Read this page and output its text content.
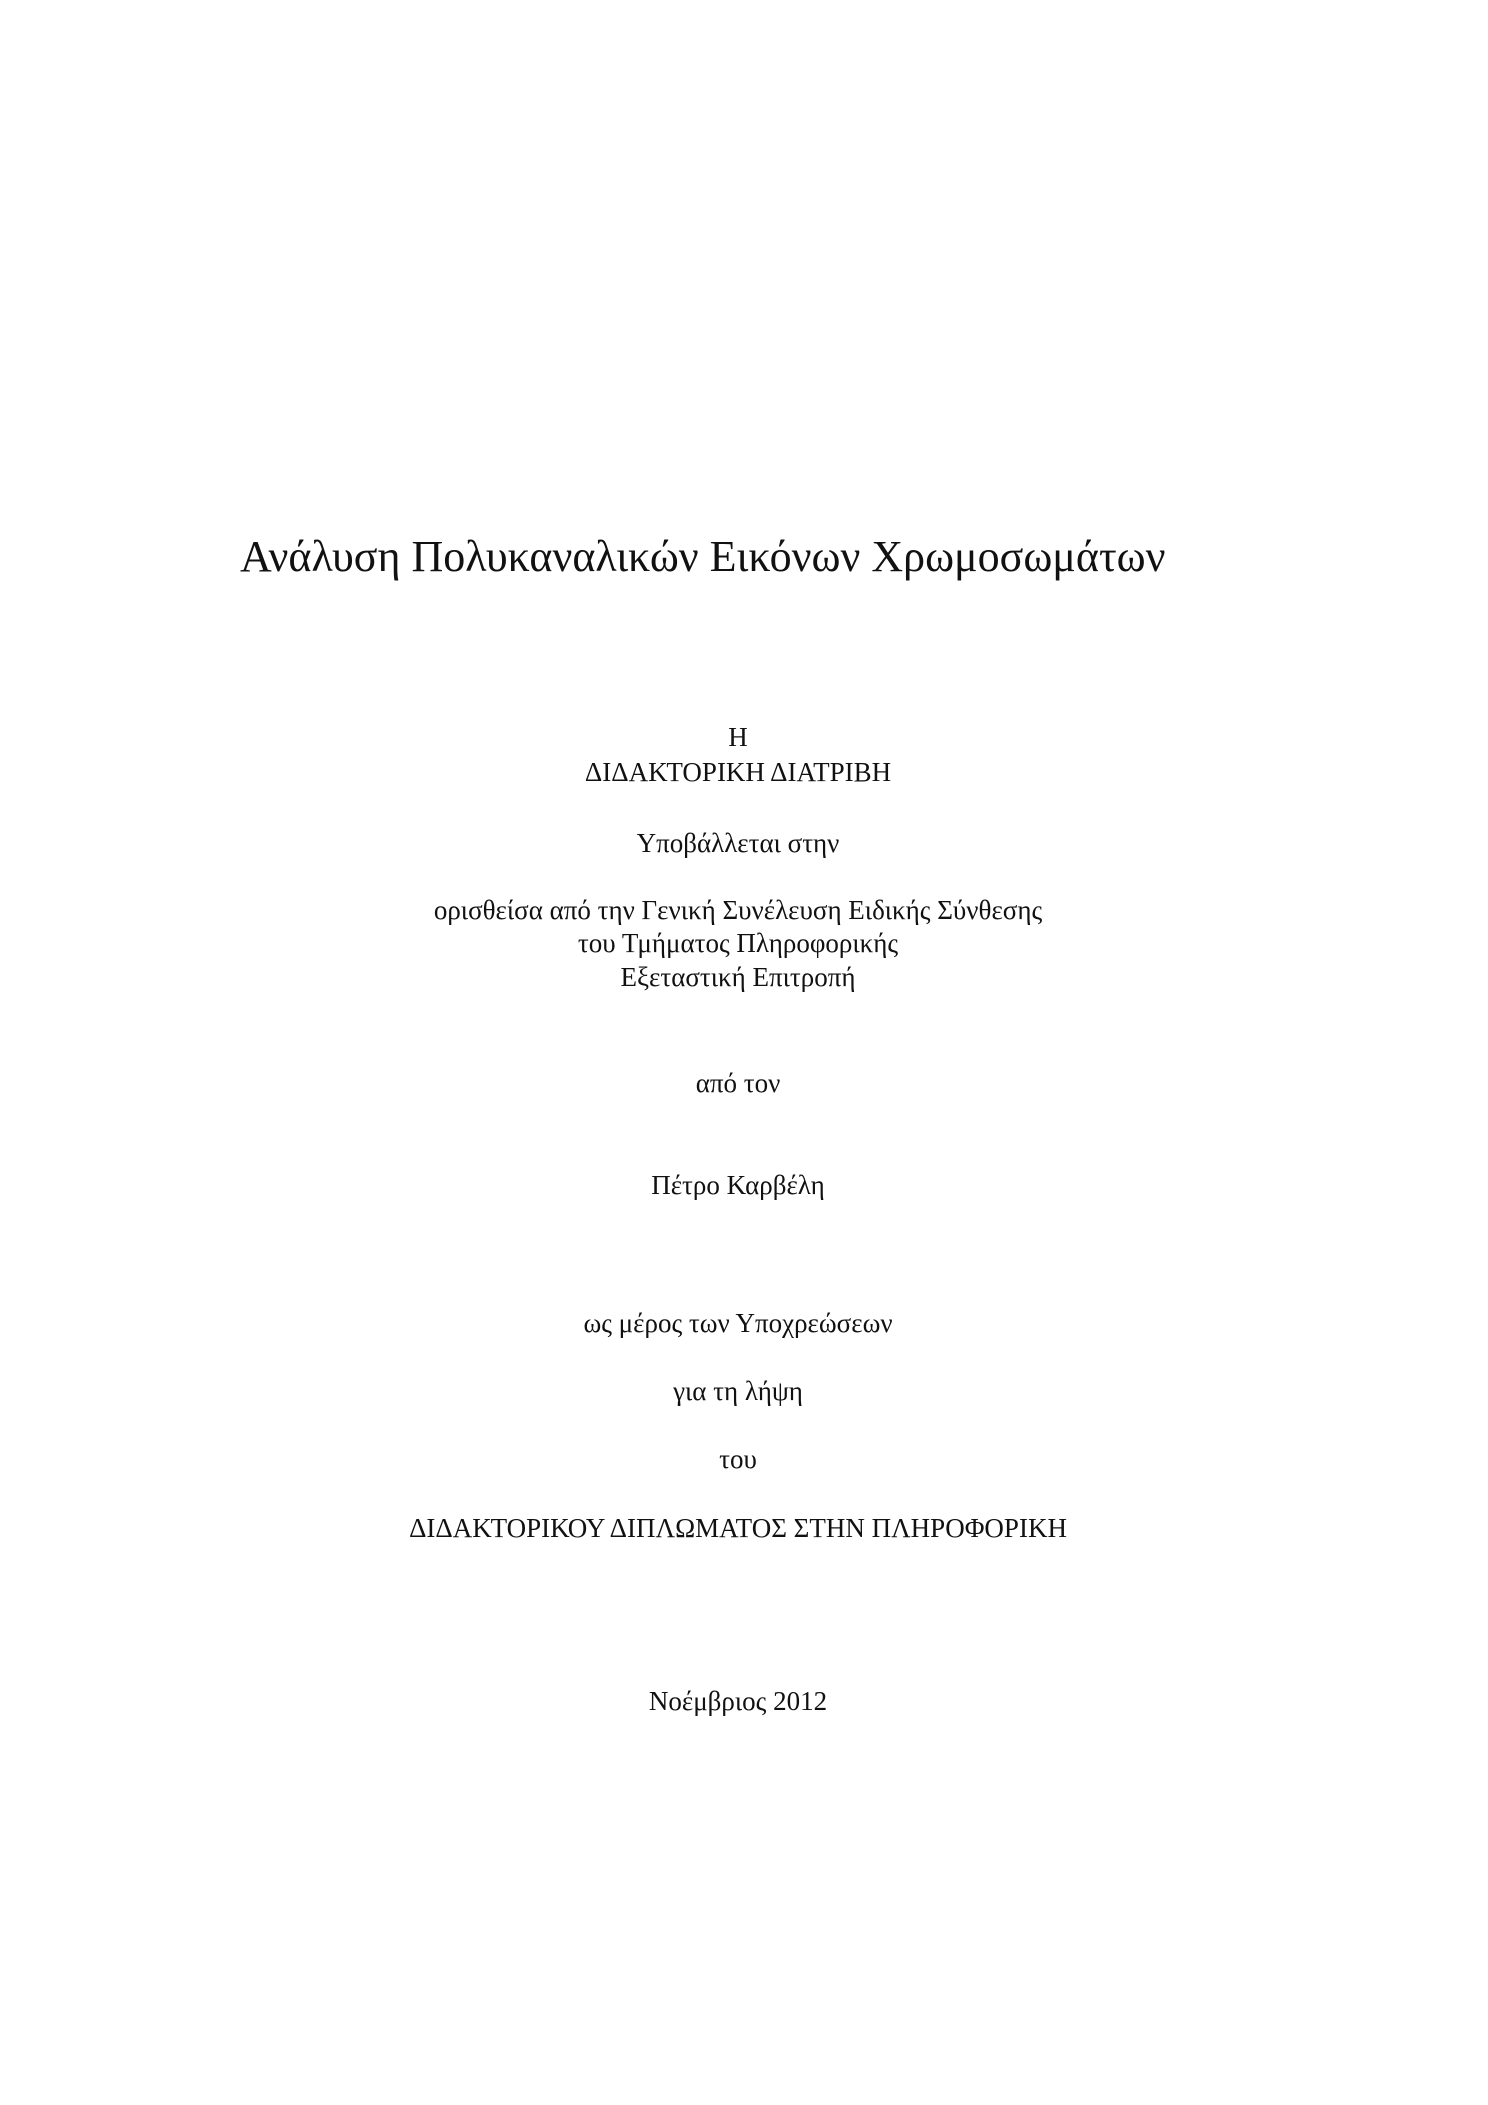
Ανάλυση Πολυκαναλικών Εικόνων Χρωμοσωμάτων
Η
ΔΙΔΑΚΤΟΡΙΚΗ ΔΙΑΤΡΙΒΗ
Υποβάλλεται στην
ορισθείσα από την Γενική Συνέλευση Ειδικής Σύνθεσης
του Τμήματος Πληροφορικής
Εξεταστική Επιτροπή
από τον
Πέτρο Καρβέλη
ως μέρος των Υποχρεώσεων
για τη λήψη
του
ΔΙΔΑΚΤΟΡΙΚΟΥ ΔΙΠΛΩΜΑΤΟΣ ΣΤΗΝ ΠΛΗΡΟΦΟΡΙΚΗ
Νοέμβριος 2012
